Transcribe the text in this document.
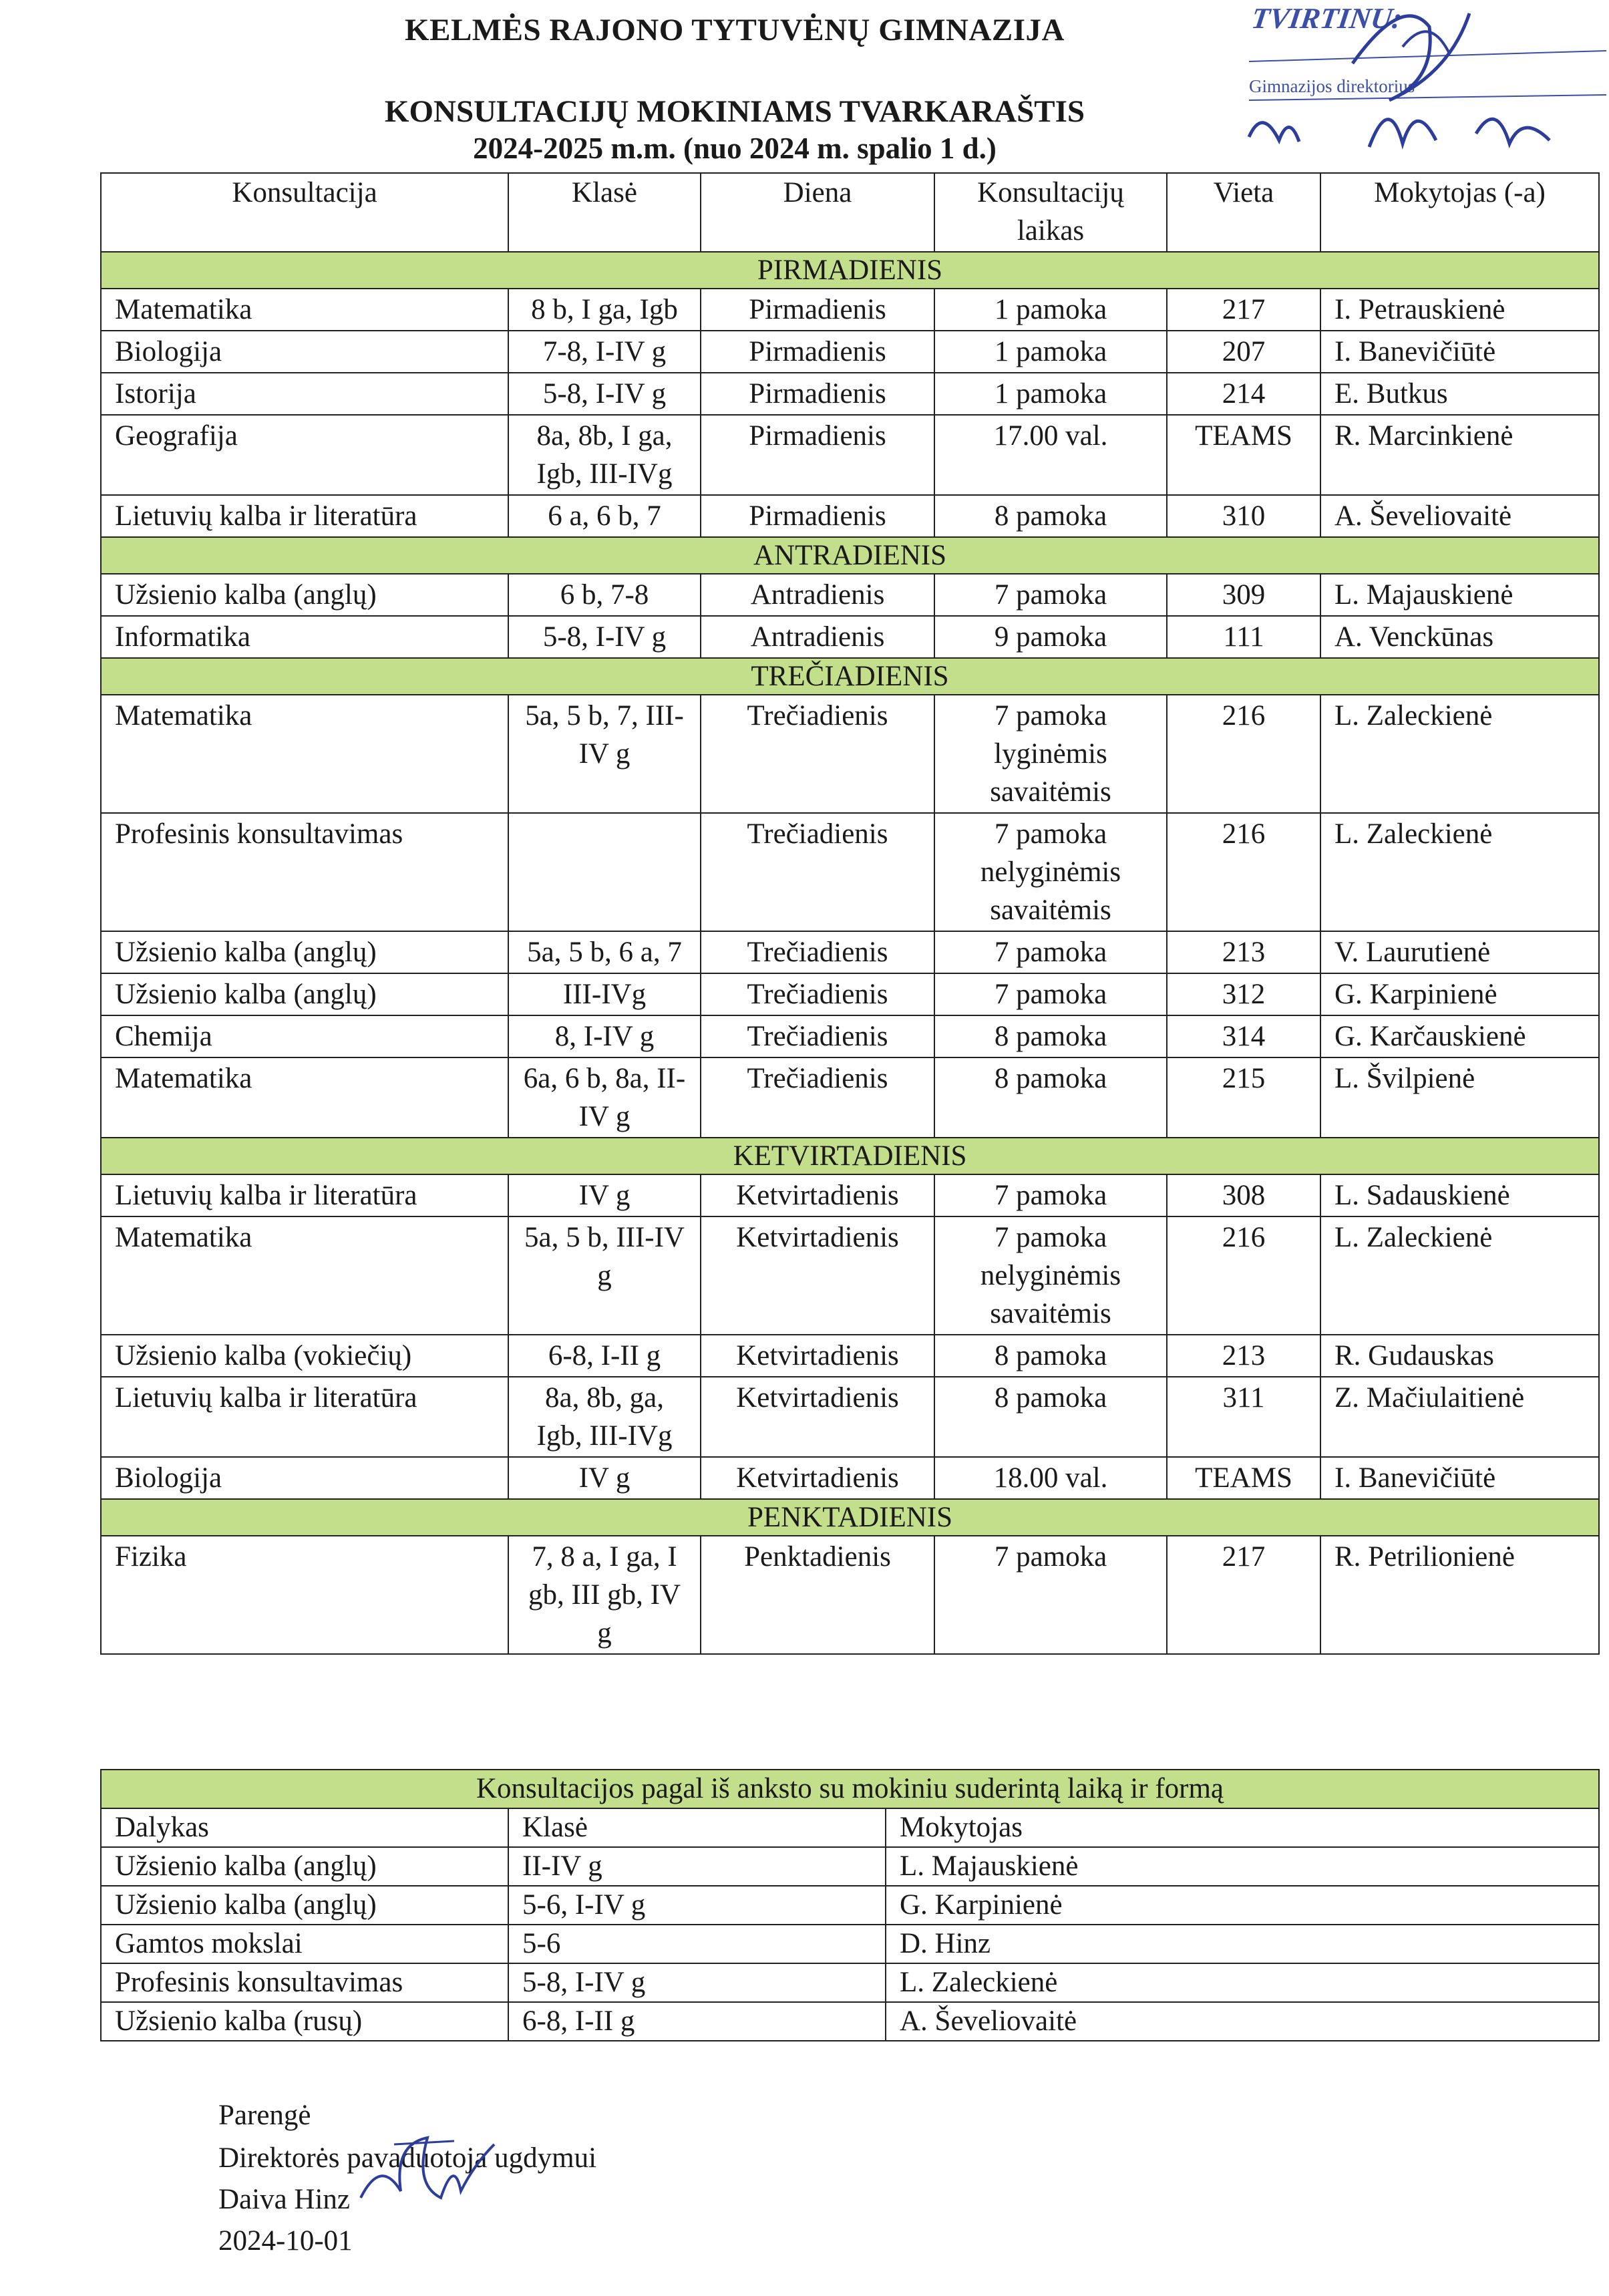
KELMĖS RAJONO TYTUVĖNŲ GIMNAZIJA
KONSULTACIJŲ MOKINIAMS TVARKARAŠTIS
2024-2025 m.m. (nuo 2024 m. spalio 1 d.)
TVIRTINU:
Gimnazijos direktorius
Konsultacija	Klasė	Diena	Konsultacijų laikas	Vieta	Mokytojas (-a)
PIRMADIENIS					
Matematika	8 b, I ga, Igb	Pirmadienis	1 pamoka	217	I. Petrauskienė
Biologija	7-8, I-IV g	Pirmadienis	1 pamoka	207	I. Banevičiūtė
Istorija	5-8, I-IV g	Pirmadienis	1 pamoka	214	E. Butkus
Geografija	8a, 8b, I ga, Igb, III-IVg	Pirmadienis	17.00 val.	TEAMS	R. Marcinkienė
Lietuvių kalba ir literatūra	6 a, 6 b, 7	Pirmadienis	8 pamoka	310	A. Ševeliovaitė
ANTRADIENIS					
Užsienio kalba (anglų)	6 b, 7-8	Antradienis	7 pamoka	309	L. Majauskienė
Informatika	5-8, I-IV g	Antradienis	9 pamoka	111	A. Venckūnas
TREČIADIENIS					
Matematika	5a, 5 b, 7, III-IV g	Trečiadienis	7 pamoka lyginėmis savaitėmis	216	L. Zaleckienė
Profesinis konsultavimas		Trečiadienis	7 pamoka nelyginėmis savaitėmis	216	L. Zaleckienė
Užsienio kalba (anglų)	5a, 5 b, 6 a, 7	Trečiadienis	7 pamoka	213	V. Laurutienė
Užsienio kalba (anglų)	III-IVg	Trečiadienis	7 pamoka	312	G. Karpinienė
Chemija	8, I-IV g	Trečiadienis	8 pamoka	314	G. Karčauskienė
Matematika	6a, 6 b, 8a, II- IV g	Trečiadienis	8 pamoka	215	L. Švilpienė
KETVIRTADIENIS					
Lietuvių kalba ir literatūra	IV g	Ketvirtadienis	7 pamoka	308	L. Sadauskienė
Matematika	5a, 5 b, III-IV g	Ketvirtadienis	7 pamoka nelyginėmis savaitėmis	216	L. Zaleckienė
Užsienio kalba (vokiečių)	6-8, I-II g	Ketvirtadienis	8 pamoka	213	R. Gudauskas
Lietuvių kalba ir literatūra	8a, 8b, ga, Igb, III-IVg	Ketvirtadienis	8 pamoka	311	Z. Mačiulaitienė
Biologija	IV g	Ketvirtadienis	18.00 val.	TEAMS	I. Banevičiūtė
PENKTADIENIS					
Fizika	7, 8 a, I ga, I gb, III gb, IV g	Penktadienis	7 pamoka	217	R. Petrilionienė
Konsultacijos pagal iš anksto su mokiniu suderintą laiką ir formą		
Dalykas	Klasė	Mokytojas
Užsienio kalba (anglų)	II-IV g	L. Majauskienė
Užsienio kalba (anglų)	5-6, I-IV g	G. Karpinienė
Gamtos mokslai	5-6	D. Hinz
Profesinis konsultavimas	5-8, I-IV g	L. Zaleckienė
Užsienio kalba (rusų)	6-8, I-II g	A. Ševeliovaitė
Parengė
Direktorės pavaduotoja ugdymui
Daiva Hinz
2024-10-01
